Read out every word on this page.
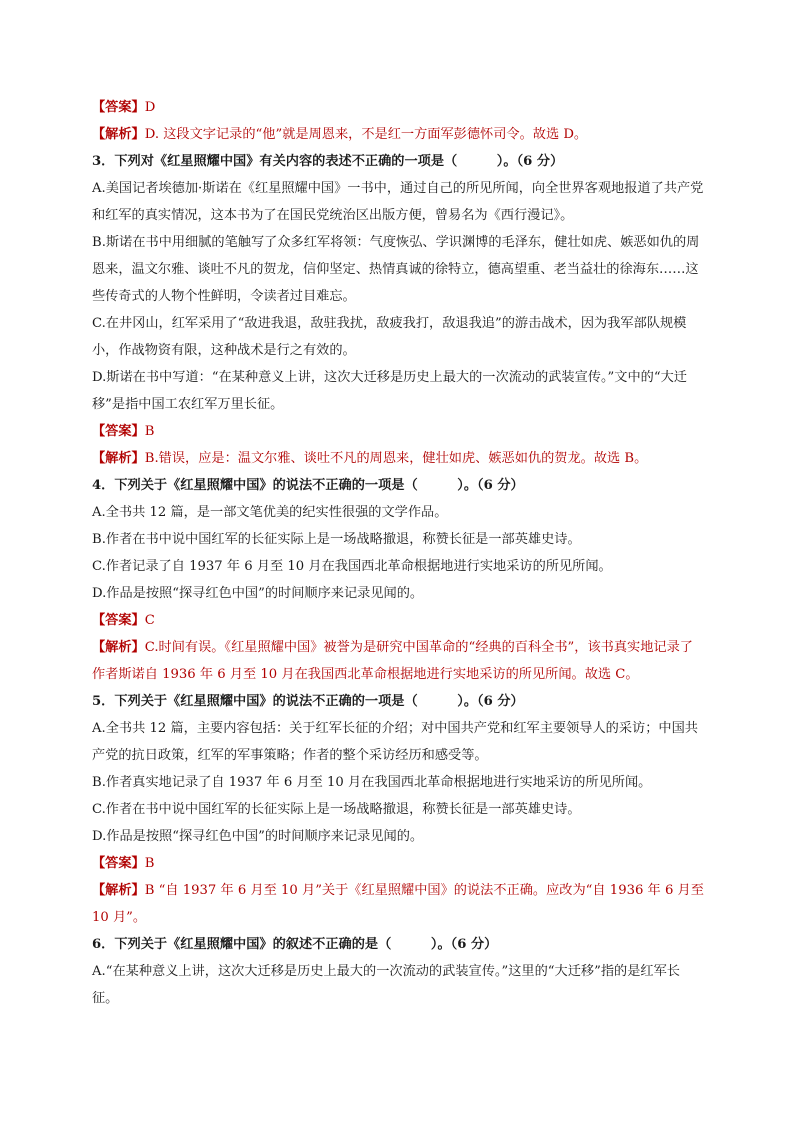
【答案】D
【解析】D. 这段文字记录的“他”就是周恩来，不是红一方面军彭德怀司令。故选 D。
3．下列对《红星照耀中国》有关内容的表述不正确的一项是（　　　）。（6 分）
A.美国记者埃德加·斯诺在《红星照耀中国》一书中，通过自己的所见所闻，向全世界客观地报道了共产党和红军的真实情况，这本书为了在国民党统治区出版方便，曾易名为《西行漫记》。
B.斯诺在书中用细腻的笔触写了众多红军将领：气度恢弘、学识渊博的毛泽东，健壮如虎、嫉恶如仇的周恩来，温文尔雅、谈吐不凡的贺龙，信仰坚定、热情真诚的徐特立，德高望重、老当益壮的徐海东……这些传奇式的人物个性鲜明，令读者过目难忘。
C.在井冈山，红军采用了“敌进我退，敌驻我扰，敌疲我打，敌退我追”的游击战术，因为我军部队规模小，作战物资有限，这种战术是行之有效的。
D.斯诺在书中写道：“在某种意义上讲，这次大迁移是历史上最大的一次流动的武装宣传。”文中的“大迁移”是指中国工农红军万里长征。
【答案】B
【解析】B.错误，应是：温文尔雅、谈吐不凡的周恩来，健壮如虎、嫉恶如仇的贺龙。故选 B。
4．下列关于《红星照耀中国》的说法不正确的一项是（　　　）。（6 分）
A.全书共 12 篇，是一部文笔优美的纪实性很强的文学作品。
B.作者在书中说中国红军的长征实际上是一场战略撤退，称赞长征是一部英雄史诗。
C.作者记录了自 1937 年 6 月至 10 月在我国西北革命根据地进行实地采访的所见所闻。
D.作品是按照“探寻红色中国”的时间顺序来记录见闻的。
【答案】C
【解析】C.时间有误。《红星照耀中国》被誉为是研究中国革命的“经典的百科全书”，该书真实地记录了作者斯诺自 1936 年 6 月至 10 月在我国西北革命根据地进行实地采访的所见所闻。故选 C。
5．下列关于《红星照耀中国》的说法不正确的一项是（　　　）。（6 分）
A.全书共 12 篇，主要内容包括：关于红军长征的介绍；对中国共产党和红军主要领导人的采访；中国共产党的抗日政策，红军的军事策略；作者的整个采访经历和感受等。
B.作者真实地记录了自 1937 年 6 月至 10 月在我国西北革命根据地进行实地采访的所见所闻。
C.作者在书中说中国红军的长征实际上是一场战略撤退，称赞长征是一部英雄史诗。
D.作品是按照“探寻红色中国”的时间顺序来记录见闻的。
【答案】B
【解析】B “自 1937 年 6 月至 10 月”关于《红星照耀中国》的说法不正确。应改为“自 1936 年 6 月至 10 月”。
6．下列关于《红星照耀中国》的叙述不正确的是（　　　）。（6 分）
A.“在某种意义上讲，这次大迁移是历史上最大的一次流动的武装宣传。”这里的“大迁移”指的是红军长征。
